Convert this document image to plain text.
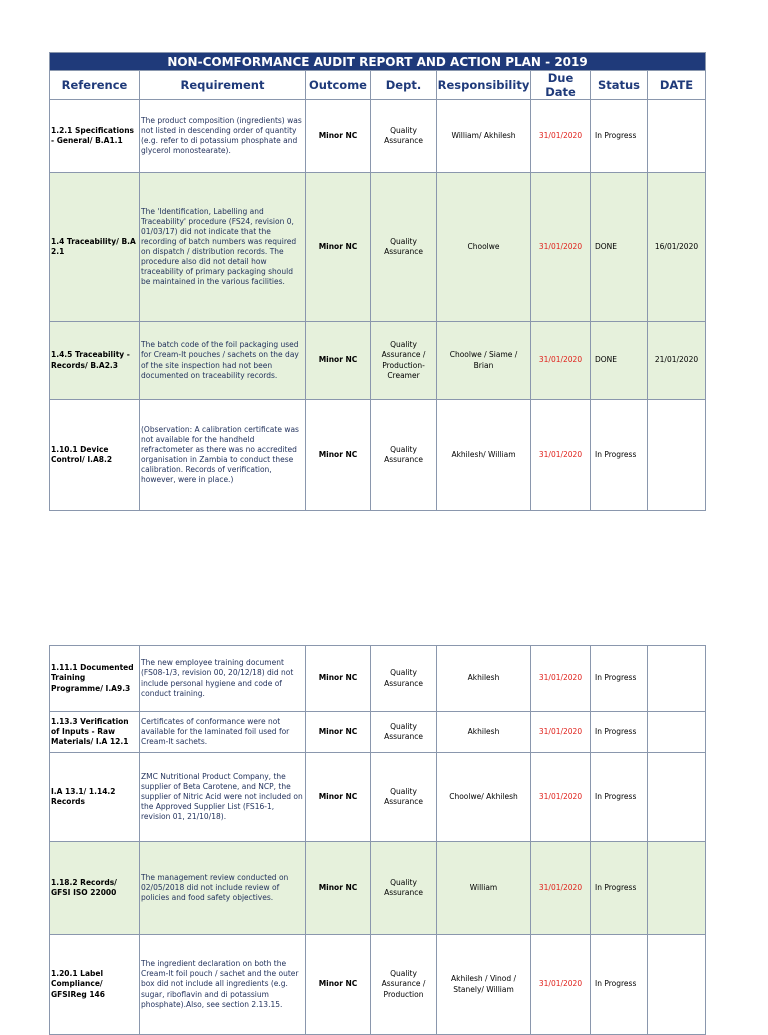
NON-COMFORMANCE AUDIT REPORT AND ACTION PLAN - 2019							
Reference	Requirement	Outcome	Dept.	Responsibility	Due Date	Status	DATE
1.2.1 Specifications - General/ B.A1.1	The product composition (ingredients) was not listed in descending order of quantity (e.g. refer to di potassium phosphate and glycerol monostearate).	Minor NC	Quality Assurance	William/ Akhilesh	31/01/2020	In Progress	
1.4 Traceability/ B.A 2.1	The 'Identification, Labelling and Traceability' procedure (FS24, revision 0, 01/03/17) did not indicate that the recording of batch numbers was required on dispatch / distribution records. The procedure also did not detail how traceability of primary packaging should be maintained in the various facilities.	Minor NC	Quality Assurance	Choolwe	31/01/2020	DONE	16/01/2020
1.4.5 Traceability - Records/ B.A2.3	The batch code of the foil packaging used for Cream-It pouches / sachets on the day of the site inspection had not been documented on traceability records.	Minor NC	Quality Assurance / Production- Creamer	Choolwe / Siame / Brian	31/01/2020	DONE	21/01/2020
1.10.1 Device Control/ I.A8.2	(Observation: A calibration certificate was not available for the handheld refractometer as there was no accredited organisation in Zambia to conduct these calibration. Records of verification, however, were in place.)	Minor NC	Quality Assurance	Akhilesh/ William	31/01/2020	In Progress	
1.11.1 Documented Training Programme/ I.A9.3	The new employee training document (FS08-1/3, revision 00, 20/12/18) did not include personal hygiene and code of conduct training.	Minor NC	Quality Assurance	Akhilesh	31/01/2020	In Progress	
1.13.3 Verification of Inputs - Raw Materials/ I.A 12.1	Certificates of conformance were not available for the laminated foil used for Cream-It sachets.	Minor NC	Quality Assurance	Akhilesh	31/01/2020	In Progress	
I.A 13.1/ 1.14.2 Records	ZMC Nutritional Product Company, the supplier of Beta Carotene, and NCP, the supplier of Nitric Acid were not included on the Approved Supplier List (FS16-1, revision 01, 21/10/18).	Minor NC	Quality Assurance	Choolwe/ Akhilesh	31/01/2020	In Progress	
1.18.2 Records/ GFSI ISO 22000	The management review conducted on 02/05/2018 did not include review of policies and food safety objectives.	Minor NC	Quality Assurance	William	31/01/2020	In Progress	
1.20.1 Label Compliance/ GFSIReg 146	The ingredient declaration on both the Cream-It foil pouch / sachet and the outer box did not include all ingredients (e.g. sugar, riboflavin and di potassium phosphate).Also, see section 2.13.15.	Minor NC	Quality Assurance / Production	Akhilesh / Vinod / Stanely/ William	31/01/2020	In Progress	
